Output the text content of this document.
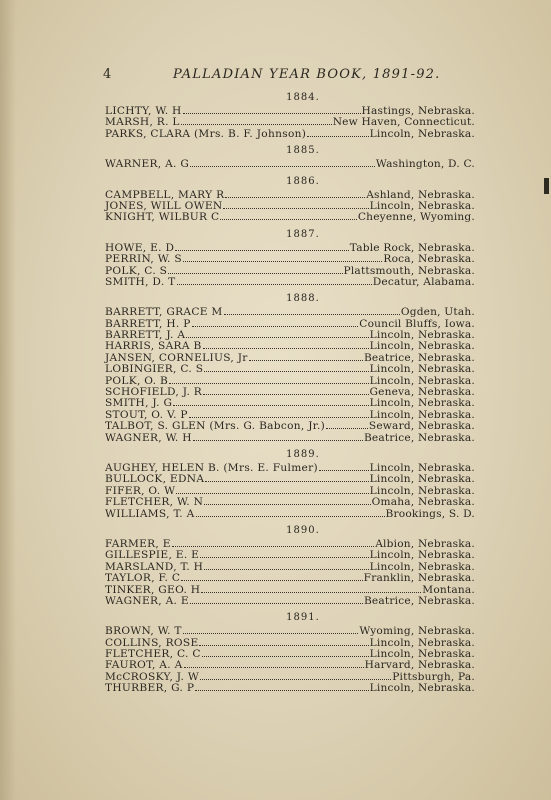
4	PALLADIAN YEAR BOOK, 1891-92.
1884.
LICHTY, W. H	Hastings, Nebraska.
MARSH, R. L	New Haven, Connecticut.
PARKS, CLARA (Mrs. B. F. Johnson)	Lincoln, Nebraska.
1885.
WARNER, A. G	Washington, D. C.
1886.
CAMPBELL, MARY R	Ashland, Nebraska.
JONES, WILL OWEN	Lincoln, Nebraska.
KNIGHT, WILBUR C	Cheyenne, Wyoming.
1887.
HOWE, E. D	Table Rock, Nebraska.
PERRIN, W. S	Roca, Nebraska.
POLK, C. S	Plattsmouth, Nebraska.
SMITH, D. T	Decatur, Alabama.
1888.
BARRETT, GRACE M	Ogden, Utah.
BARRETT, H. P	Council Bluffs, Iowa.
BARRETT, J. A	Lincoln, Nebraska.
HARRIS, SARA B	Lincoln, Nebraska.
JANSEN, CORNELIUS, Jr	Beatrice, Nebraska.
LOBINGIER, C. S	Lincoln, Nebraska.
POLK, O. B	Lincoln, Nebraska.
SCHOFIELD, J. R	Geneva, Nebraska.
SMITH, J. G	Lincoln, Nebraska.
STOUT, O. V. P	Lincoln, Nebraska.
TALBOT, S. GLEN (Mrs. G. Babcon, Jr.)	Seward, Nebraska.
WAGNER, W. H	Beatrice, Nebraska.
1889.
AUGHEY, HELEN B. (Mrs. E. Fulmer)	Lincoln, Nebraska.
BULLOCK, EDNA	Lincoln, Nebraska.
FIFER, O. W	Lincoln, Nebraska.
FLETCHER, W. N	Omaha, Nebraska.
WILLIAMS, T. A	Brookings, S. D.
1890.
FARMER, E	Albion, Nebraska.
GILLESPIE, E. E	Lincoln, Nebraska.
MARSLAND, T. H	Lincoln, Nebraska.
TAYLOR, F. C	Franklin, Nebraska.
TINKER, GEO. H	Montana.
WAGNER, A. E	Beatrice, Nebraska.
1891.
BROWN, W. T	Wyoming, Nebraska.
COLLINS, ROSE	Lincoln, Nebraska.
FLETCHER, C. C	Lincoln, Nebraska.
FAUROT, A. A	Harvard, Nebraska.
McCROSKY, J. W	Pittsburgh, Pa.
THURBER, G. P	Lincoln, Nebraska.
